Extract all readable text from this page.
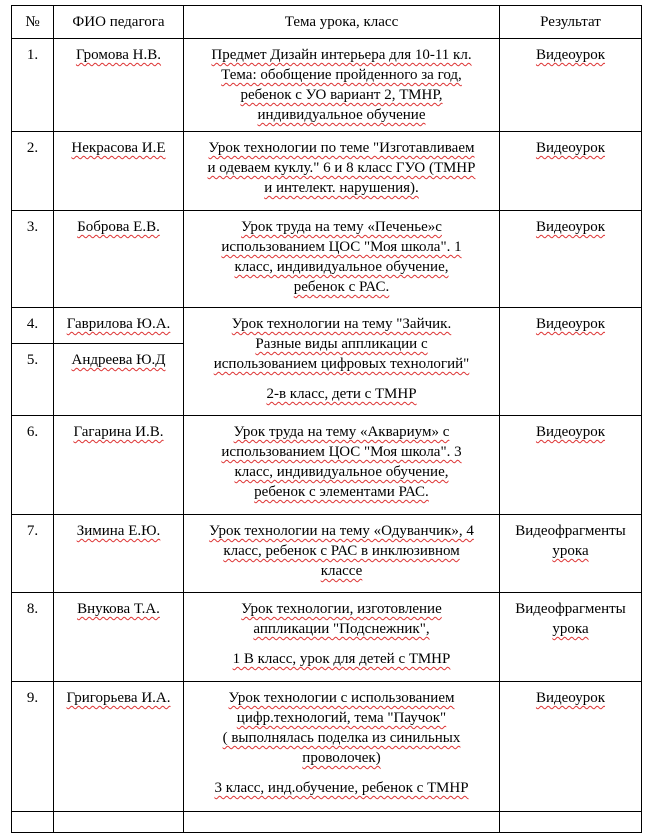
№	ФИО педагога	Тема урока, класс	Результат
1.	Громова Н.В.	Предмет Дизайн интерьера для 10-11 кл.
Тема: обобщение пройденного за год,
ребенок с УО вариант 2, ТМНР,
индивидуальное обучение	Видеоурок
2.	Некрасова И.Е	Урок технологии по теме "Изготавливаем
и одеваем куклу." 6 и 8 класс ГУО (ТМНР
и интелект. нарушения).	Видеоурок
3.	Боброва Е.В.	Урок труда на тему «Печенье»с
использованием ЦОС "Моя школа". 1
класс, индивидуальное обучение,
ребенок с РАС.	Видеоурок
4.	Гаврилова Ю.А.	Урок технологии на тему "Зайчик.
Разные виды аппликации с
использованием цифровых технологий"
2-в класс, дети с ТМНР	Видеоурок
5.	Андреева Ю.Д		
6.	Гагарина И.В.	Урок труда на тему «Аквариум» с
использованием ЦОС "Моя школа". 3
класс, индивидуальное обучение,
ребенок с элементами РАС.	Видеоурок
7.	Зимина Е.Ю.	Урок технологии на тему «Одуванчик», 4
класс, ребенок с РАС в инклюзивном
классе	Видеофрагменты
урока

8.	Внукова Т.А.	Урок технологии, изготовление
аппликации "Подснежник",
1 В класс, урок для детей с ТМНР	Видеофрагменты
урока

9.	Григорьева И.А.	Урок технологии с использованием
цифр.технологий, тема "Паучок"
( выполнялась поделка из синильных
проволочек)
3 класс, инд.обучение, ребенок с ТМНР	Видеоурок
